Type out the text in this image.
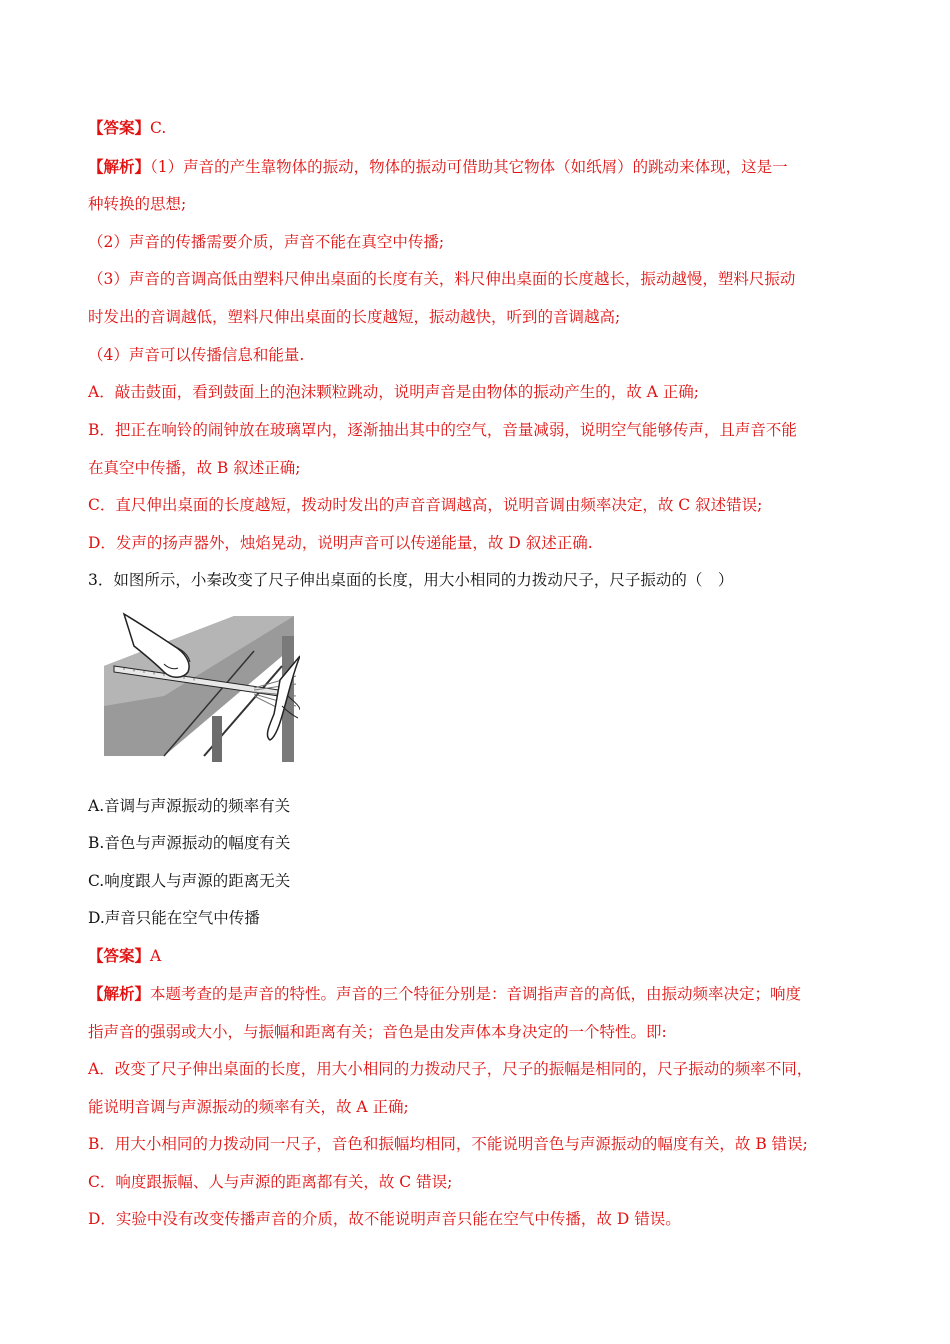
【答案】C.
【解析】（1）声音的产生靠物体的振动，物体的振动可借助其它物体（如纸屑）的跳动来体现，这是一
种转换的思想;
（2）声音的传播需要介质，声音不能在真空中传播;
（3）声音的音调高低由塑料尺伸出桌面的长度有关，料尺伸出桌面的长度越长，振动越慢，塑料尺振动
时发出的音调越低，塑料尺伸出桌面的长度越短，振动越快，听到的音调越高;
（4）声音可以传播信息和能量.
A．敲击鼓面，看到鼓面上的泡沫颗粒跳动，说明声音是由物体的振动产生的，故 A 正确;
B．把正在响铃的闹钟放在玻璃罩内，逐渐抽出其中的空气，音量减弱，说明空气能够传声，且声音不能
在真空中传播，故 B 叙述正确;
C．直尺伸出桌面的长度越短，拨动时发出的声音音调越高，说明音调由频率决定，故 C 叙述错误;
D．发声的扬声器外，烛焰晃动，说明声音可以传递能量，故 D 叙述正确.
3．如图所示，小秦改变了尺子伸出桌面的长度，用大小相同的力拨动尺子，尺子振动的（　）
A.音调与声源振动的频率有关
B.音色与声源振动的幅度有关
C.响度跟人与声源的距离无关
D.声音只能在空气中传播
【答案】A
【解析】本题考查的是声音的特性。声音的三个特征分别是：音调指声音的高低，由振动频率决定；响度
指声音的强弱或大小，与振幅和距离有关；音色是由发声体本身决定的一个特性。即:
A．改变了尺子伸出桌面的长度，用大小相同的力拨动尺子，尺子的振幅是相同的，尺子振动的频率不同，
能说明音调与声源振动的频率有关，故 A 正确;
B．用大小相同的力拨动同一尺子，音色和振幅均相同，不能说明音色与声源振动的幅度有关，故 B 错误;
C．响度跟振幅、人与声源的距离都有关，故 C 错误;
D．实验中没有改变传播声音的介质，故不能说明声音只能在空气中传播，故 D 错误。
